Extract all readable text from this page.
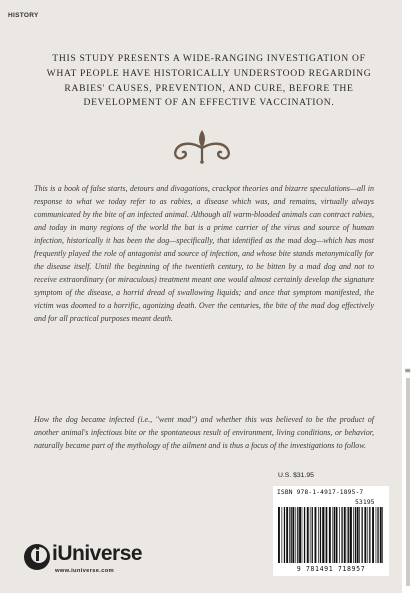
HISTORY
THIS STUDY PRESENTS A WIDE-RANGING INVESTIGATION OF WHAT PEOPLE HAVE HISTORICALLY UNDERSTOOD REGARDING RABIES' CAUSES, PREVENTION, AND CURE, BEFORE THE DEVELOPMENT OF AN EFFECTIVE VACCINATION.
This is a book of false starts, detours and divagations, crackpot theories and bizarre speculations—all in response to what we today refer to as rabies, a disease which was, and remains, virtually always communicated by the bite of an infected animal. Although all warm-blooded animals can contract rabies, and today in many regions of the world the bat is a prime carrier of the virus and source of human infection, historically it has been the dog—specifically, that identified as the mad dog—which has most frequently played the role of antagonist and source of infection, and whose bite stands metonymically for the disease itself. Until the beginning of the twentieth century, to be bitten by a mad dog and not to receive extraordinary (or miraculous) treatment meant one would almost certainly develop the signature symptom of the disease, a horrid dread of swallowing liquids; and once that symptom manifested, the victim was doomed to a horrific, agonizing death. Over the centuries, the bite of the mad dog effectively and for all practical purposes meant death.
How the dog became infected (i.e., "went mad") and whether this was believed to be the product of another animal's infectious bite or the spontaneous result of environment, living conditions, or behavior, naturally became part of the mythology of the ailment and is thus a focus of the investigations to follow.
U.S. $31.95
ISBN 978-1-4917-1895-7
53195
9 781491 718957
iUniverse
www.iuniverse.com
≡
